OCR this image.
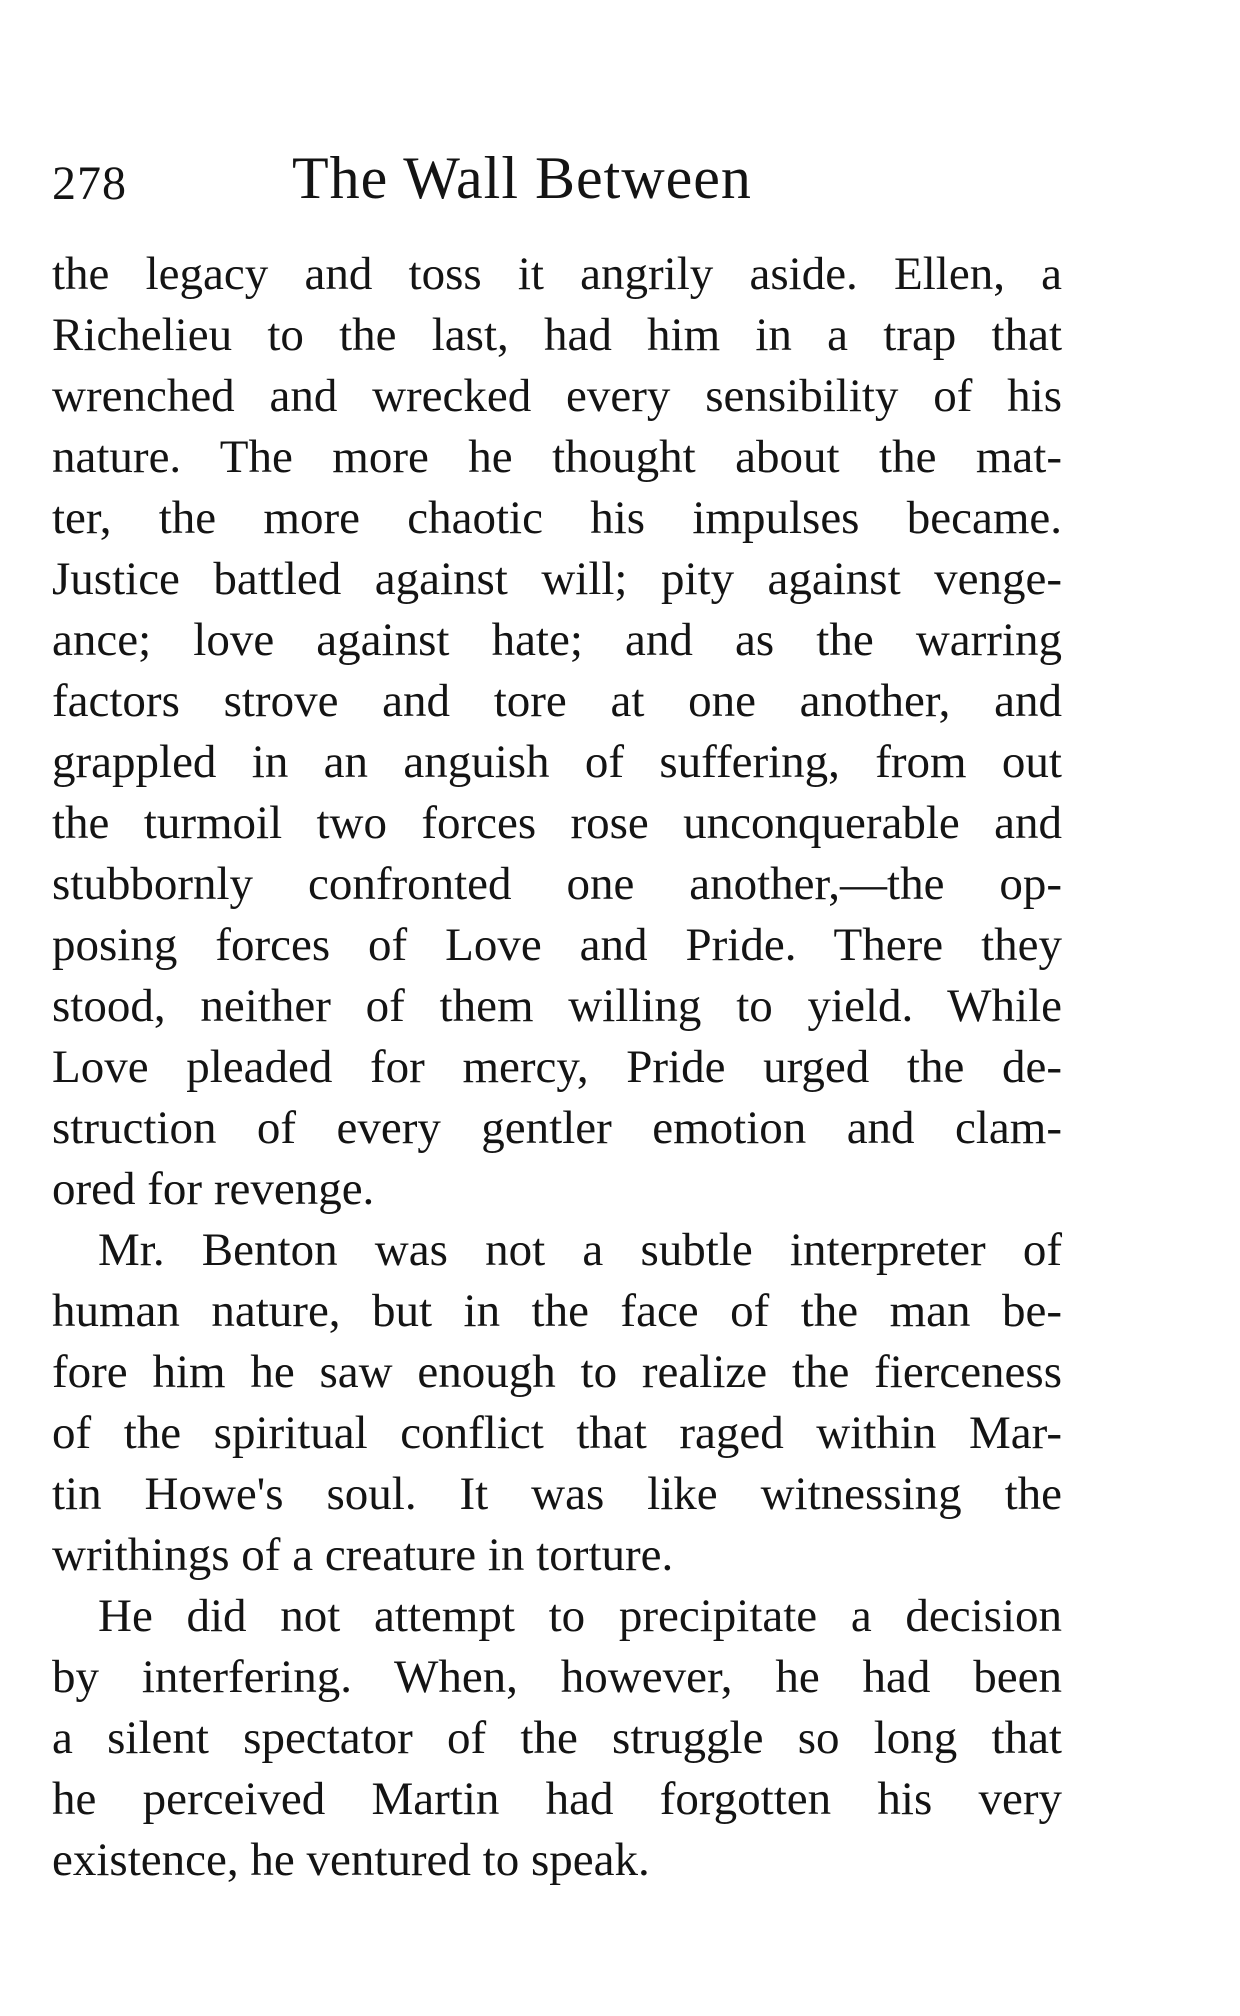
278	The Wall Between
the legacy and toss it angrily aside. Ellen, a
Richelieu to the last, had him in a trap that
wrenched and wrecked every sensibility of his
nature. The more he thought about the mat-
ter, the more chaotic his impulses became.
Justice battled against will; pity against venge-
ance; love against hate; and as the warring
factors strove and tore at one another, and
grappled in an anguish of suffering, from out
the turmoil two forces rose unconquerable and
stubbornly confronted one another,—the op-
posing forces of Love and Pride. There they
stood, neither of them willing to yield. While
Love pleaded for mercy, Pride urged the de-
struction of every gentler emotion and clam-
ored for revenge.
Mr. Benton was not a subtle interpreter of
human nature, but in the face of the man be-
fore him he saw enough to realize the fierceness
of the spiritual conflict that raged within Mar-
tin Howe's soul. It was like witnessing the
writhings of a creature in torture.
He did not attempt to precipitate a decision
by interfering. When, however, he had been
a silent spectator of the struggle so long that
he perceived Martin had forgotten his very
existence, he ventured to speak.
